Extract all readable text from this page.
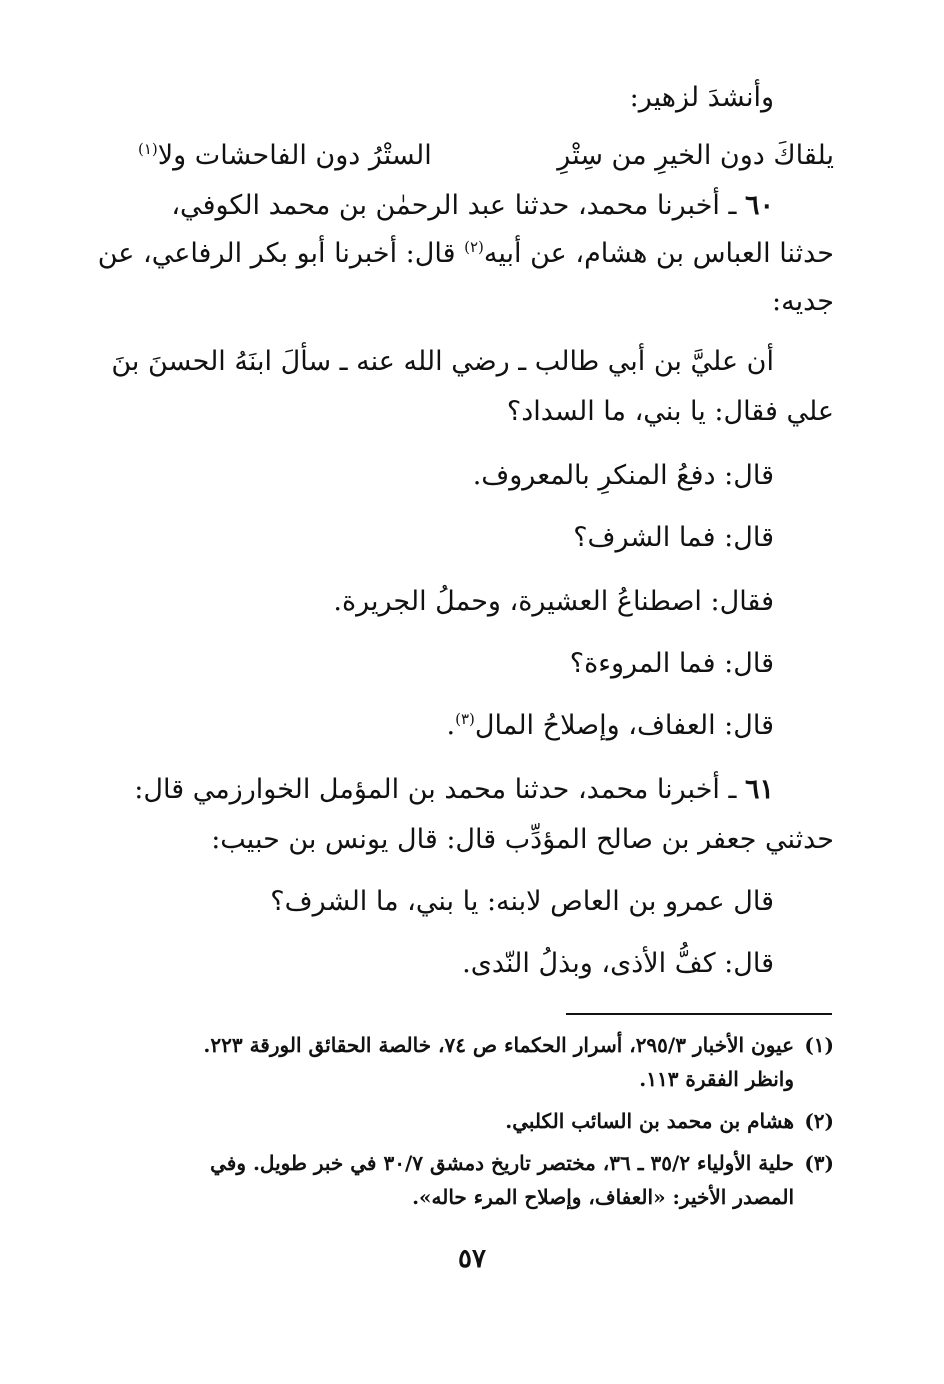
وأنشدَ لزهير:
يلقاكَ دون الخيرِ من سِتْرِ
الستْرُ دون الفاحشات ولا$^{(١)}$
٦٠ ـ أخبرنا محمد، حدثنا عبد الرحمٰن بن محمد الكوفي،
حدثنا العباس بن هشام، عن أبيه$^{(٢)}$ قال: أخبرنا أبو بكر الرفاعي، عن
جديه:
أن عليَّ بن أبي طالب ـ رضي الله عنه ـ سألَ ابنَهُ الحسنَ بنَ
علي فقال: يا بني، ما السداد؟
قال: دفعُ المنكرِ بالمعروف.
قال: فما الشرف؟
فقال: اصطناعُ العشيرة، وحملُ الجريرة.
قال: فما المروءة؟
قال: العفاف، وإصلاحُ المال$^{(٣)}$.
٦١ ـ أخبرنا محمد، حدثنا محمد بن المؤمل الخوارزمي قال:
حدثني جعفر بن صالح المؤدِّب قال: قال يونس بن حبيب:
قال عمرو بن العاص لابنه: يا بني، ما الشرف؟
قال: كفُّ الأذى، وبذلُ النّدى.
(١)عيون الأخبار ٢٩٥/٣، أسرار الحكماء ص ٧٤، خالصة الحقائق الورقة ٢٢٣.
وانظر الفقرة ١١٣.
(٢)هشام بن محمد بن السائب الكلبي.
(٣)حلية الأولياء ٣٥/٢ ـ ٣٦، مختصر تاريخ دمشق ٣٠/٧ في خبر طويل. وفي
المصدر الأخير: «العفاف، وإصلاح المرء حاله».
٥٧
